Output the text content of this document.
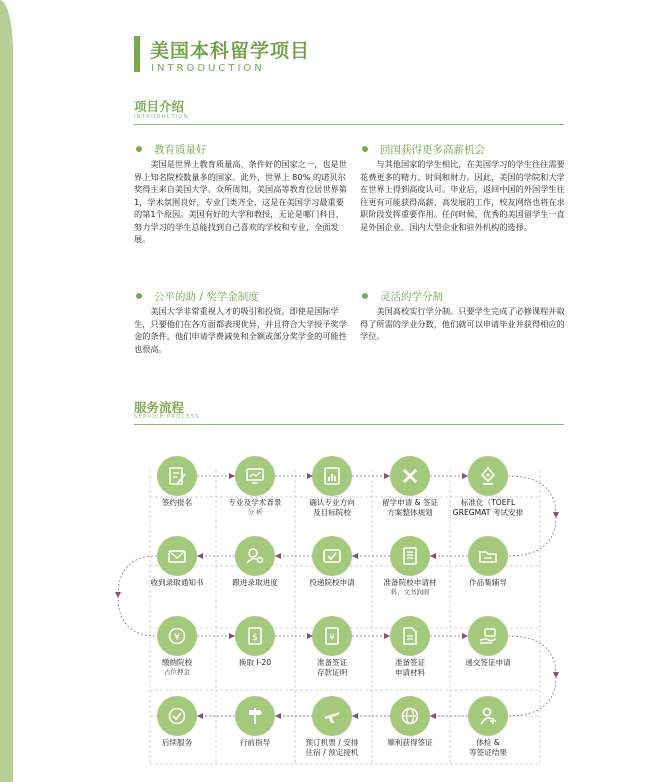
美国本科留学项目
INTRODUCTION
项目介绍
INTRODUCTION
教育质量好
美国是世界上教育质量高、条件好的国家之一，也是世界上知名院校数量多的国家。此外，世界上 80% 的诺贝尔奖得主来自美国大学。众所周知，美国高等教育位居世界第1，学术氛围良好，专业门类齐全，这是在美国学习最重要的第1个原因。美国有好的大学和教授，无论是哪门科目，努力学习的学生总能找到自己喜欢的学校和专业，全面发展。
回国获得更多高薪机会
与其他国家的学生相比，在美国学习的学生往往需要花费更多的精力、时间和财力。因此，美国的学院和大学在世界上得到高度认可。毕业后，返回中国的外国学生往往更有可能获得高薪、高发展的工作，校友网络也将在求职阶段发挥重要作用。任何时候，优秀的美国留学生一直是外国企业、国内大型企业和驻外机构的选择。
公平的助 / 奖学金制度
美国大学非常重视人才的吸引和投资。即使是国际学生，只要他们在各方面都表现优异，并且符合大学授予奖学金的条件，他们申请学费减免和全额或部分奖学金的可能性也很高。
灵活的学分制
美国高校实行学分制。只要学生完成了必修课程并取得了所需的学业分数，他们就可以申请毕业并获得相应的学位。
服务流程
SERVICE PROCESS
签约报名	专业及学术背景
分 析
确认专业方向
及目标院校
留学申请 & 签证
方案整体规划
标准化（TOEFL
GREGMAT 考试安排
收到录取通知书	跟进录取进度	投递院校申请	准备院校申请材
料、文书润面
作品集辅导
¥
缴纳院校
占位押金
$
换取 I-20
¥
准备签证
存款证明
准备签证
申请材料
递交签证申请
后续服务	行前指导	预订机票 / 安排
住宿 / 预定接机
顺利获得签证	体检 &
等签证结果
